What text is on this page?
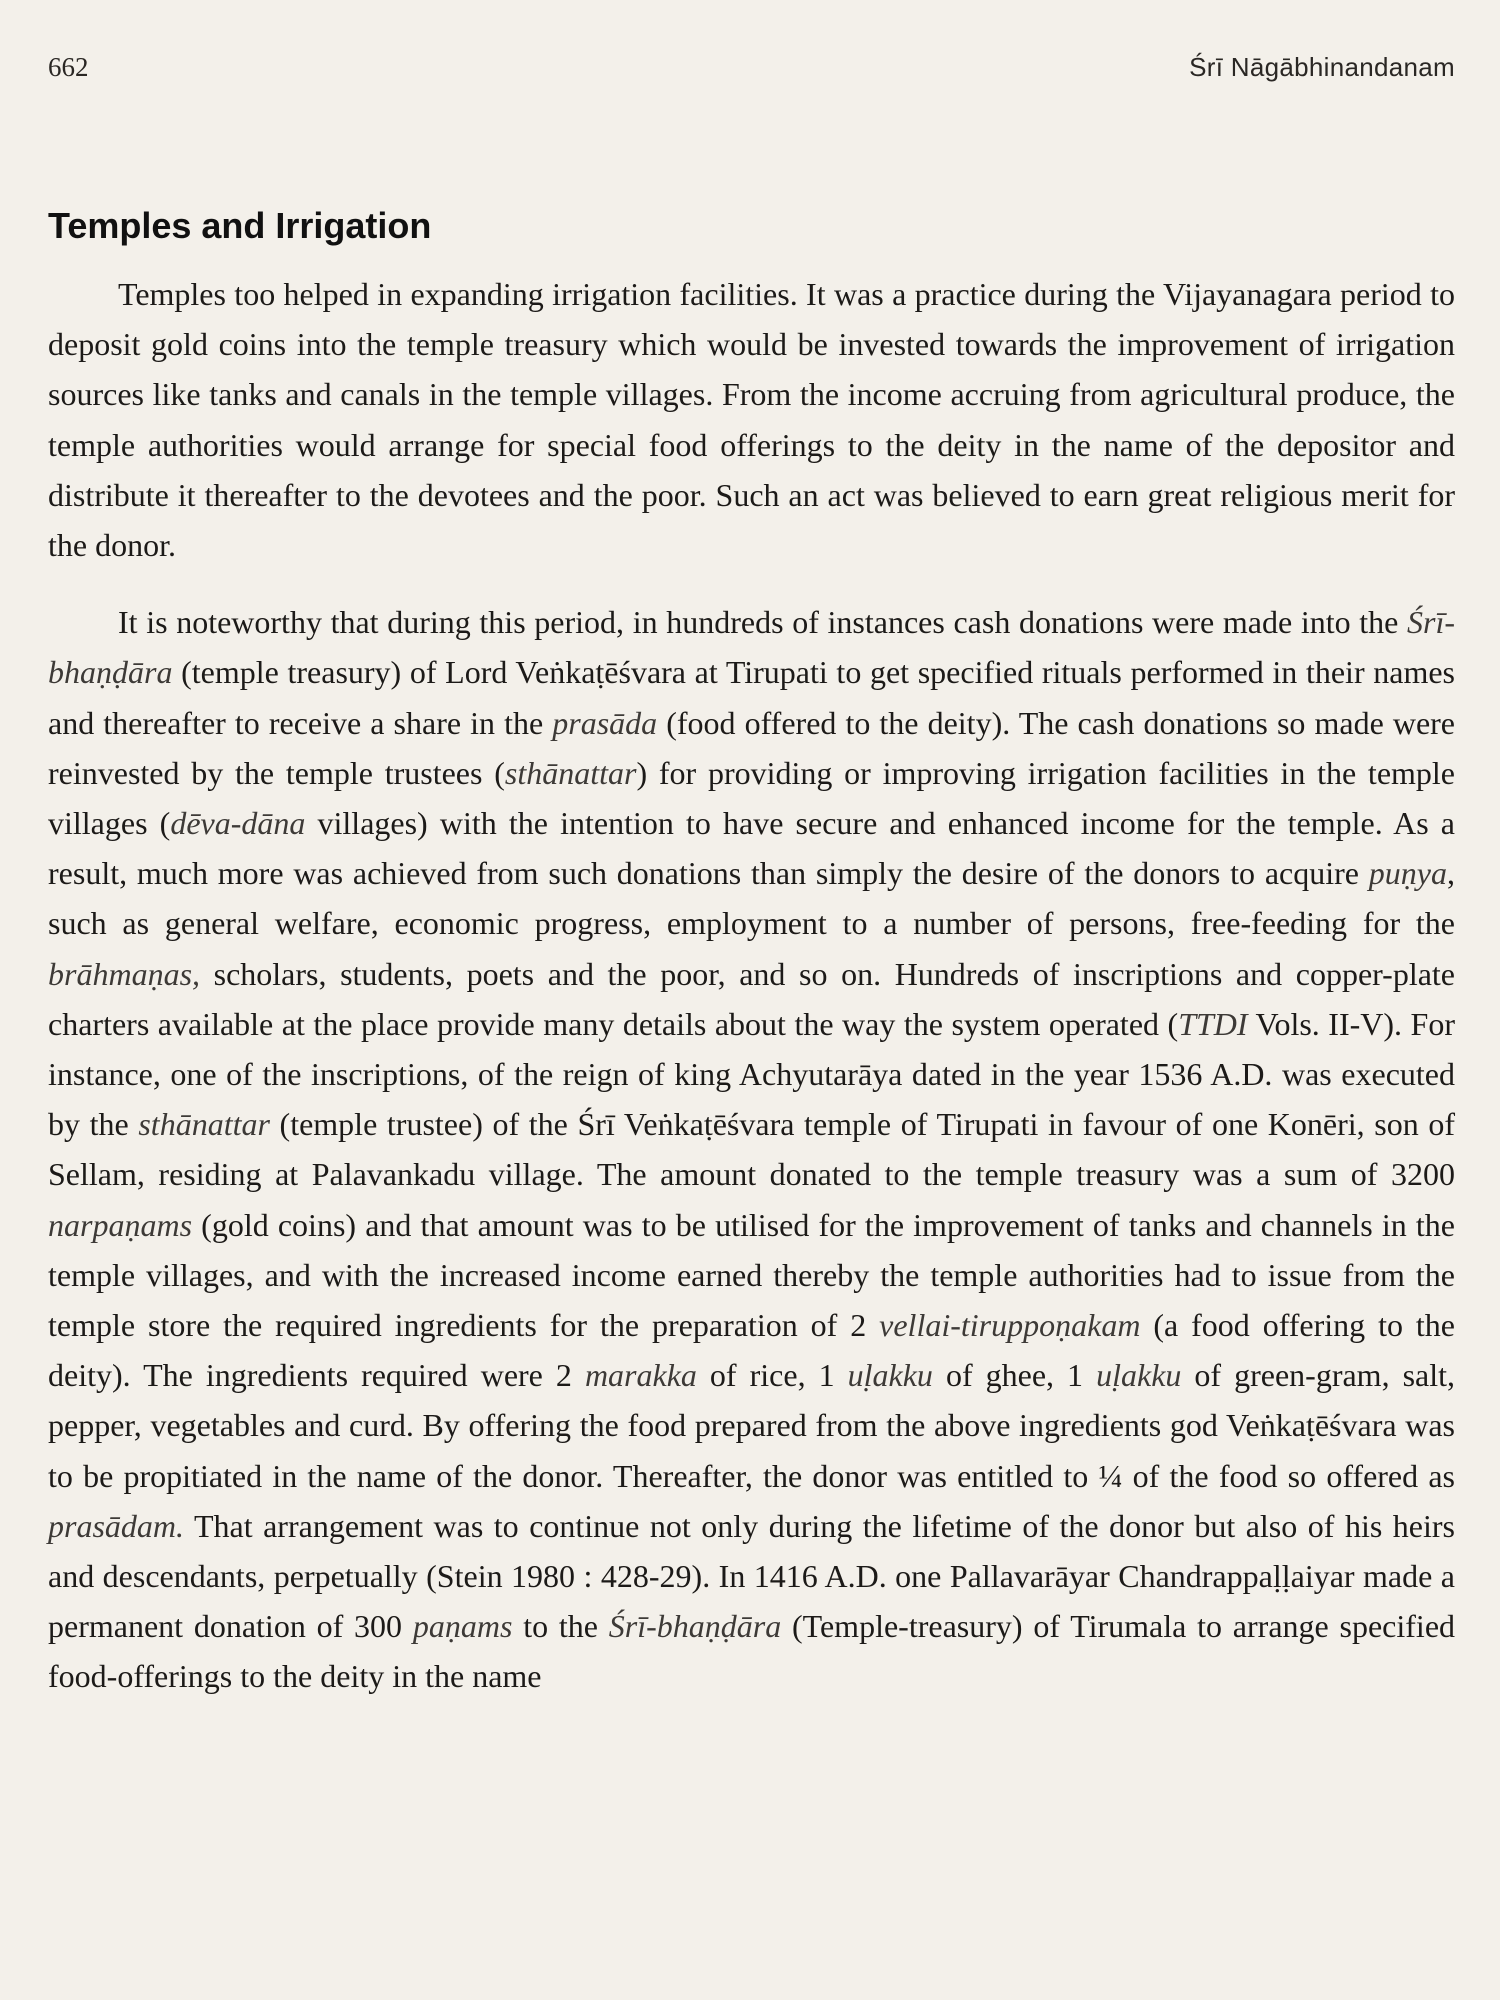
662	Śrī Nāgābhinandanam
Temples and Irrigation

Temples too helped in expanding irrigation facilities. It was a practice during the Vijayanagara period to deposit gold coins into the temple treasury which would be invested towards the improvement of irrigation sources like tanks and canals in the temple villages. From the income accruing from agricultural produce, the temple authorities would arrange for special food offerings to the deity in the name of the depositor and distribute it thereafter to the devotees and the poor. Such an act was believed to earn great religious merit for the donor.

It is noteworthy that during this period, in hundreds of instances cash donations were made into the Śrī-bhaṇḍāra (temple treasury) of Lord Veṅkaṭēśvara at Tirupati to get specified rituals performed in their names and thereafter to receive a share in the prasāda (food offered to the deity). The cash donations so made were reinvested by the temple trustees (sthānattar) for providing or improving irrigation facilities in the temple villages (dēva-dāna villages) with the intention to have secure and enhanced income for the temple. As a result, much more was achieved from such donations than simply the desire of the donors to acquire puṇya, such as general welfare, economic progress, employment to a number of persons, free-feeding for the brāhmaṇas, scholars, students, poets and the poor, and so on. Hundreds of inscriptions and copper-plate charters available at the place provide many details about the way the system operated (TTDI Vols. II-V). For instance, one of the inscriptions, of the reign of king Achyutarāya dated in the year 1536 A.D. was executed by the sthānattar (temple trustee) of the Śrī Veṅkaṭēśvara temple of Tirupati in favour of one Konēri, son of Sellam, residing at Palavankadu village. The amount donated to the temple treasury was a sum of 3200 narpaṇams (gold coins) and that amount was to be utilised for the improvement of tanks and channels in the temple villages, and with the increased income earned thereby the temple authorities had to issue from the temple store the required ingredients for the preparation of 2 vellai-tiruppoṇakam (a food offering to the deity). The ingredients required were 2 marakka of rice, 1 uḷakku of ghee, 1 uḷakku of green-gram, salt, pepper, vegetables and curd. By offering the food prepared from the above ingredients god Veṅkaṭēśvara was to be propitiated in the name of the donor. Thereafter, the donor was entitled to ¼ of the food so offered as prasādam. That arrangement was to continue not only during the lifetime of the donor but also of his heirs and descendants, perpetually (Stein 1980 : 428-29). In 1416 A.D. one Pallavarāyar Chandrappaḷḷaiyar made a permanent donation of 300 paṇams to the Śrī-bhaṇḍāra (Temple-treasury) of Tirumala to arrange specified food-offerings to the deity in the name
